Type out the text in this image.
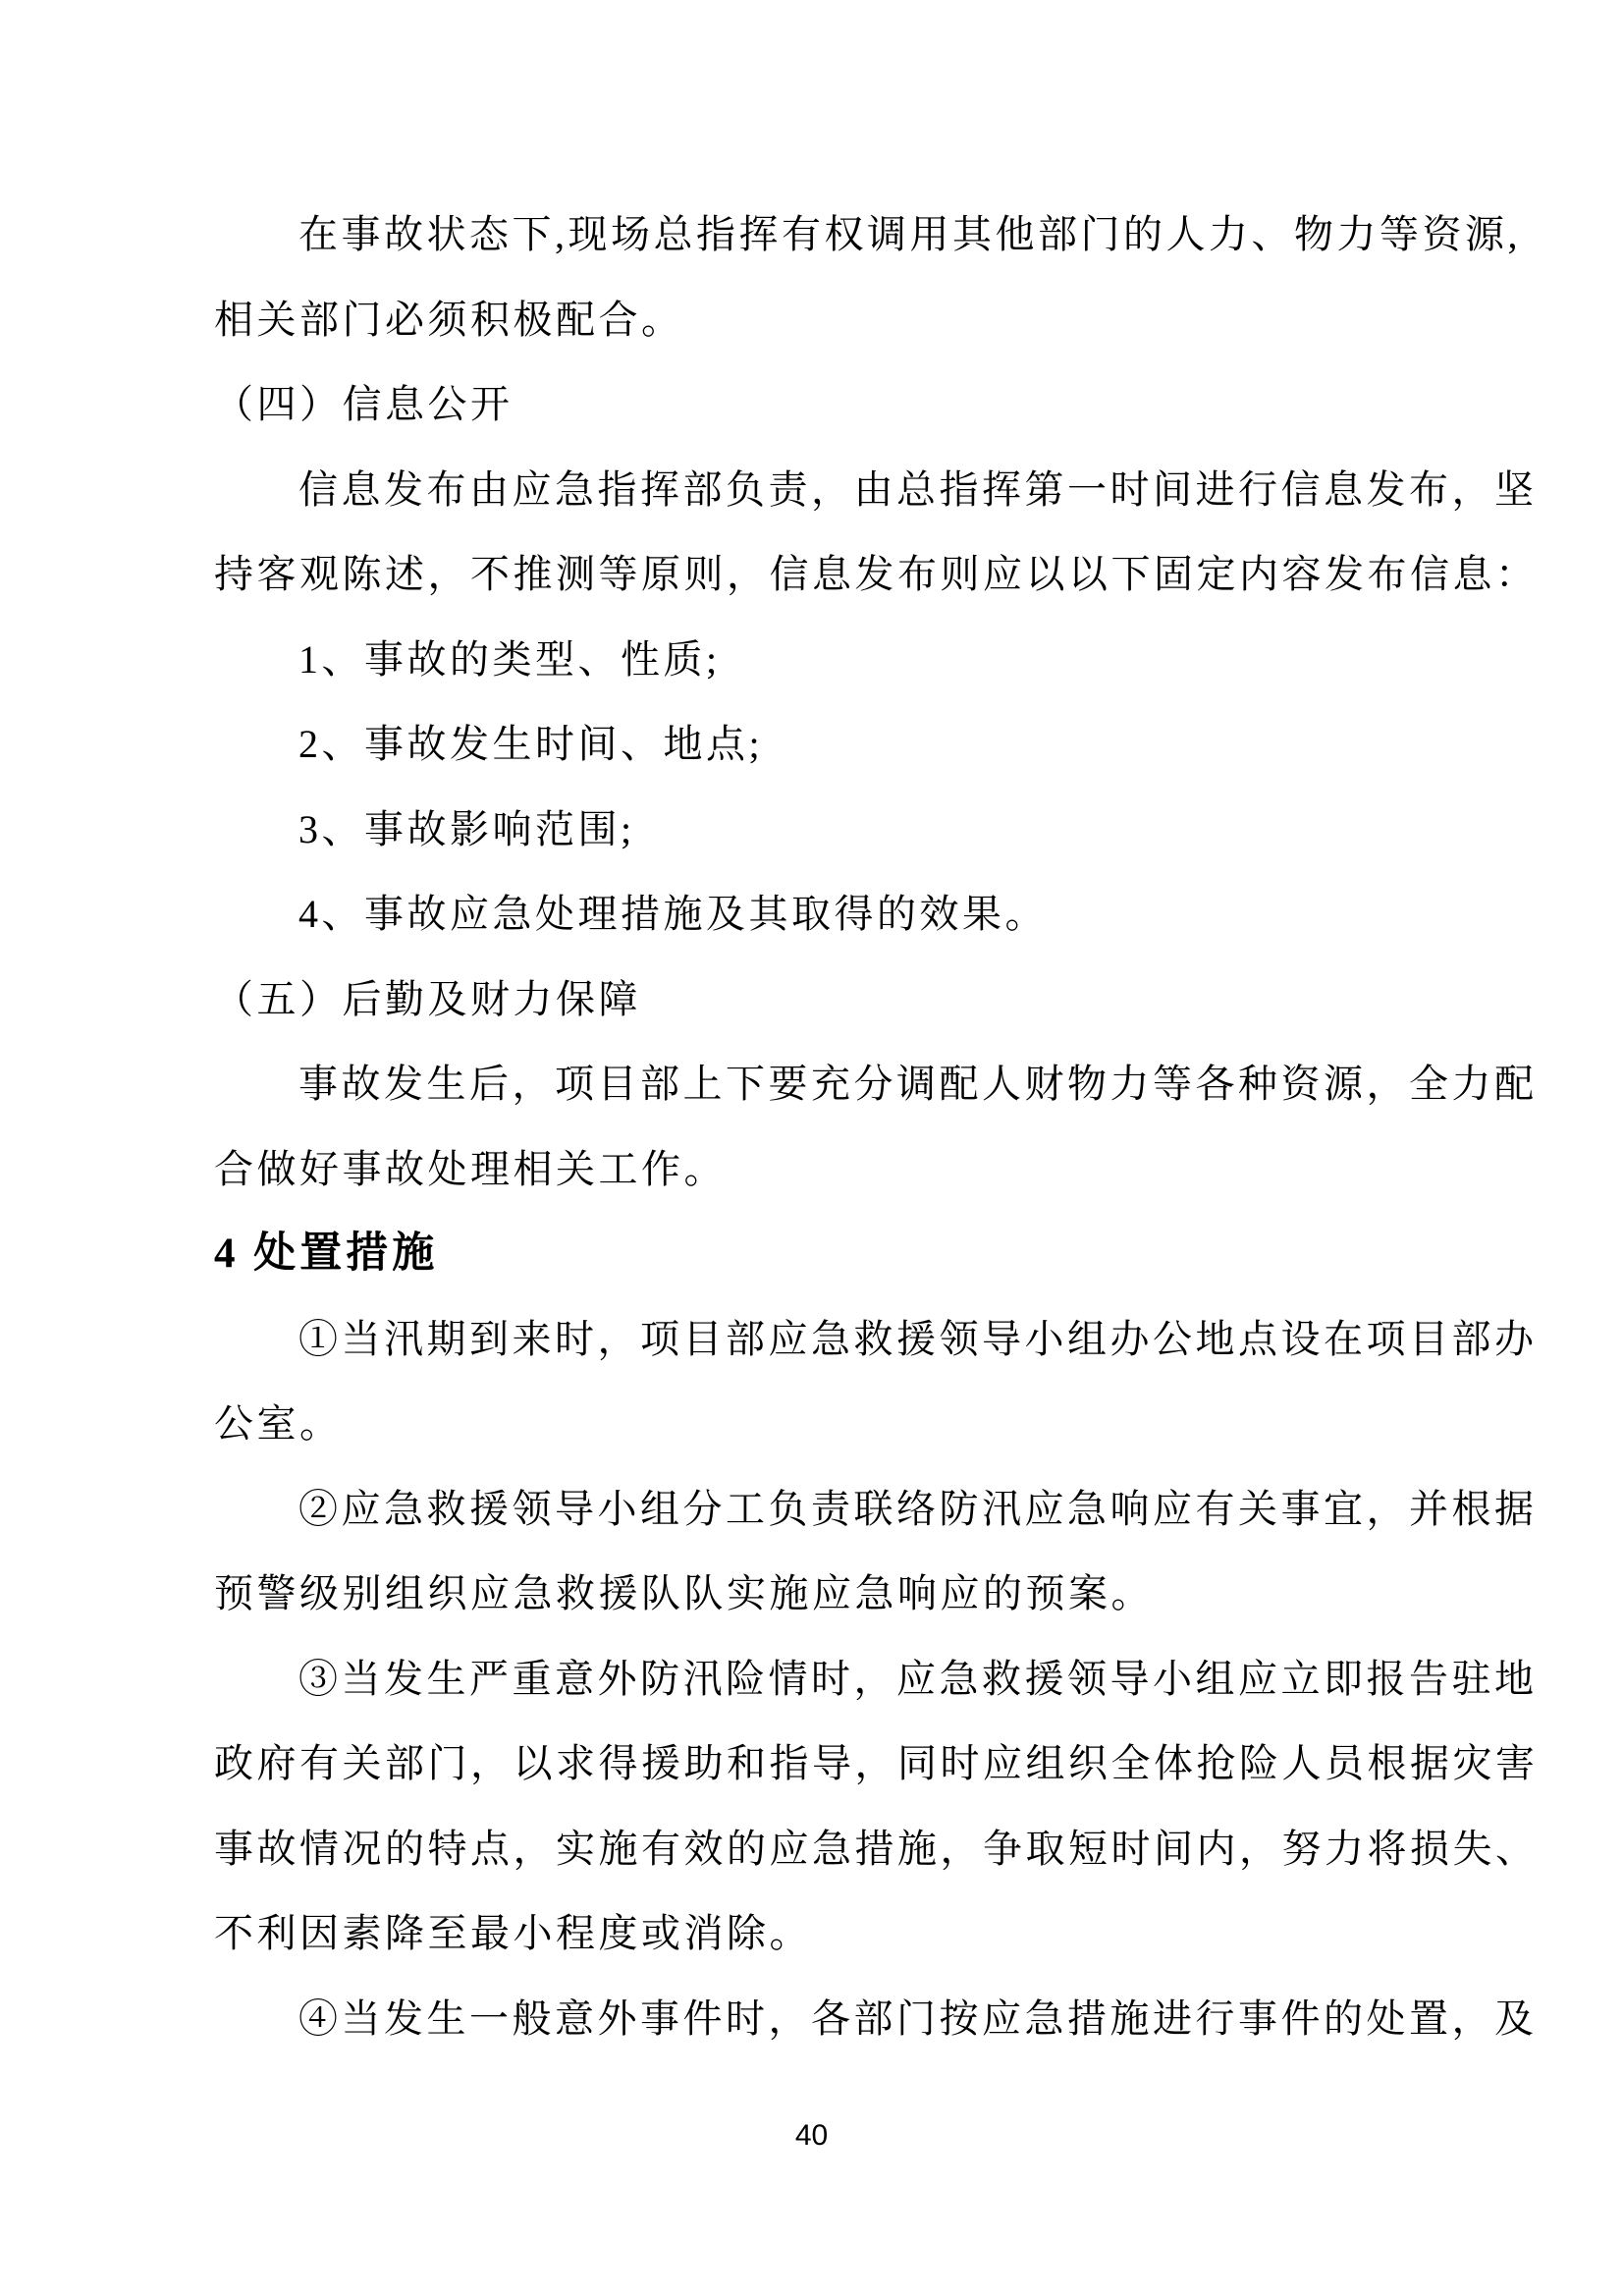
在事故状态下,现场总指挥有权调用其他部门的人力、物力等资源,
相关部门必须积极配合。
（四）信息公开
信息发布由应急指挥部负责，由总指挥第一时间进行信息发布，坚
持客观陈述，不推测等原则，信息发布则应以以下固定内容发布信息：
1、事故的类型、性质;
2、事故发生时间、地点;
3、事故影响范围;
4、事故应急处理措施及其取得的效果。
（五）后勤及财力保障
事故发生后，项目部上下要充分调配人财物力等各种资源，全力配
合做好事故处理相关工作。
4 处置措施
①当汛期到来时，项目部应急救援领导小组办公地点设在项目部办
公室。
②应急救援领导小组分工负责联络防汛应急响应有关事宜，并根据
预警级别组织应急救援队队实施应急响应的预案。
③当发生严重意外防汛险情时，应急救援领导小组应立即报告驻地
政府有关部门，以求得援助和指导，同时应组织全体抢险人员根据灾害
事故情况的特点，实施有效的应急措施，争取短时间内，努力将损失、
不利因素降至最小程度或消除。
④当发生一般意外事件时，各部门按应急措施进行事件的处置，及
40
